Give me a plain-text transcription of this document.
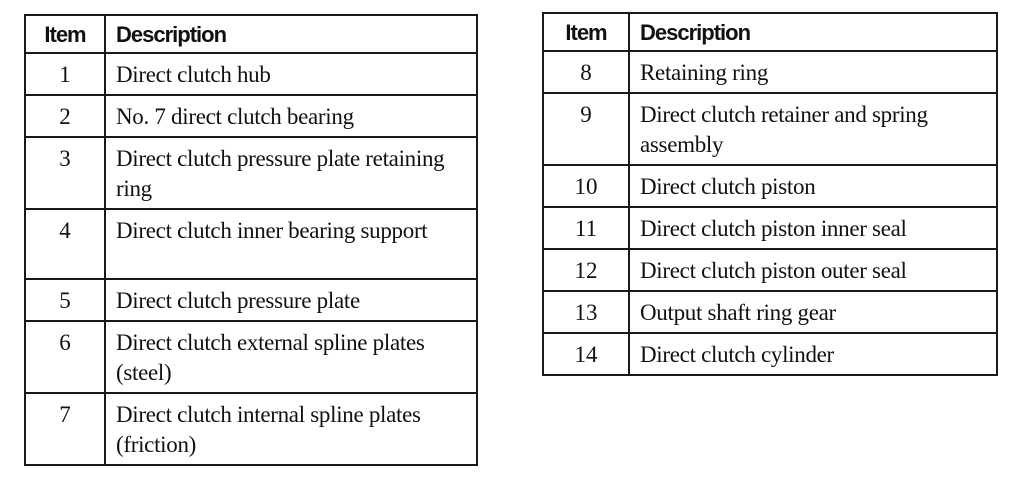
Item	Description
1	Direct clutch hub
2	No. 7 direct clutch bearing
3	Direct clutch pressure plate retaining ring
4	Direct clutch inner bearing support
5	Direct clutch pressure plate
6	Direct clutch external spline plates (steel)
7	Direct clutch internal spline plates (friction)
Item	Description
8	Retaining ring
9	Direct clutch retainer and spring assembly
10	Direct clutch piston
11	Direct clutch piston inner seal
12	Direct clutch piston outer seal
13	Output shaft ring gear
14	Direct clutch cylinder
